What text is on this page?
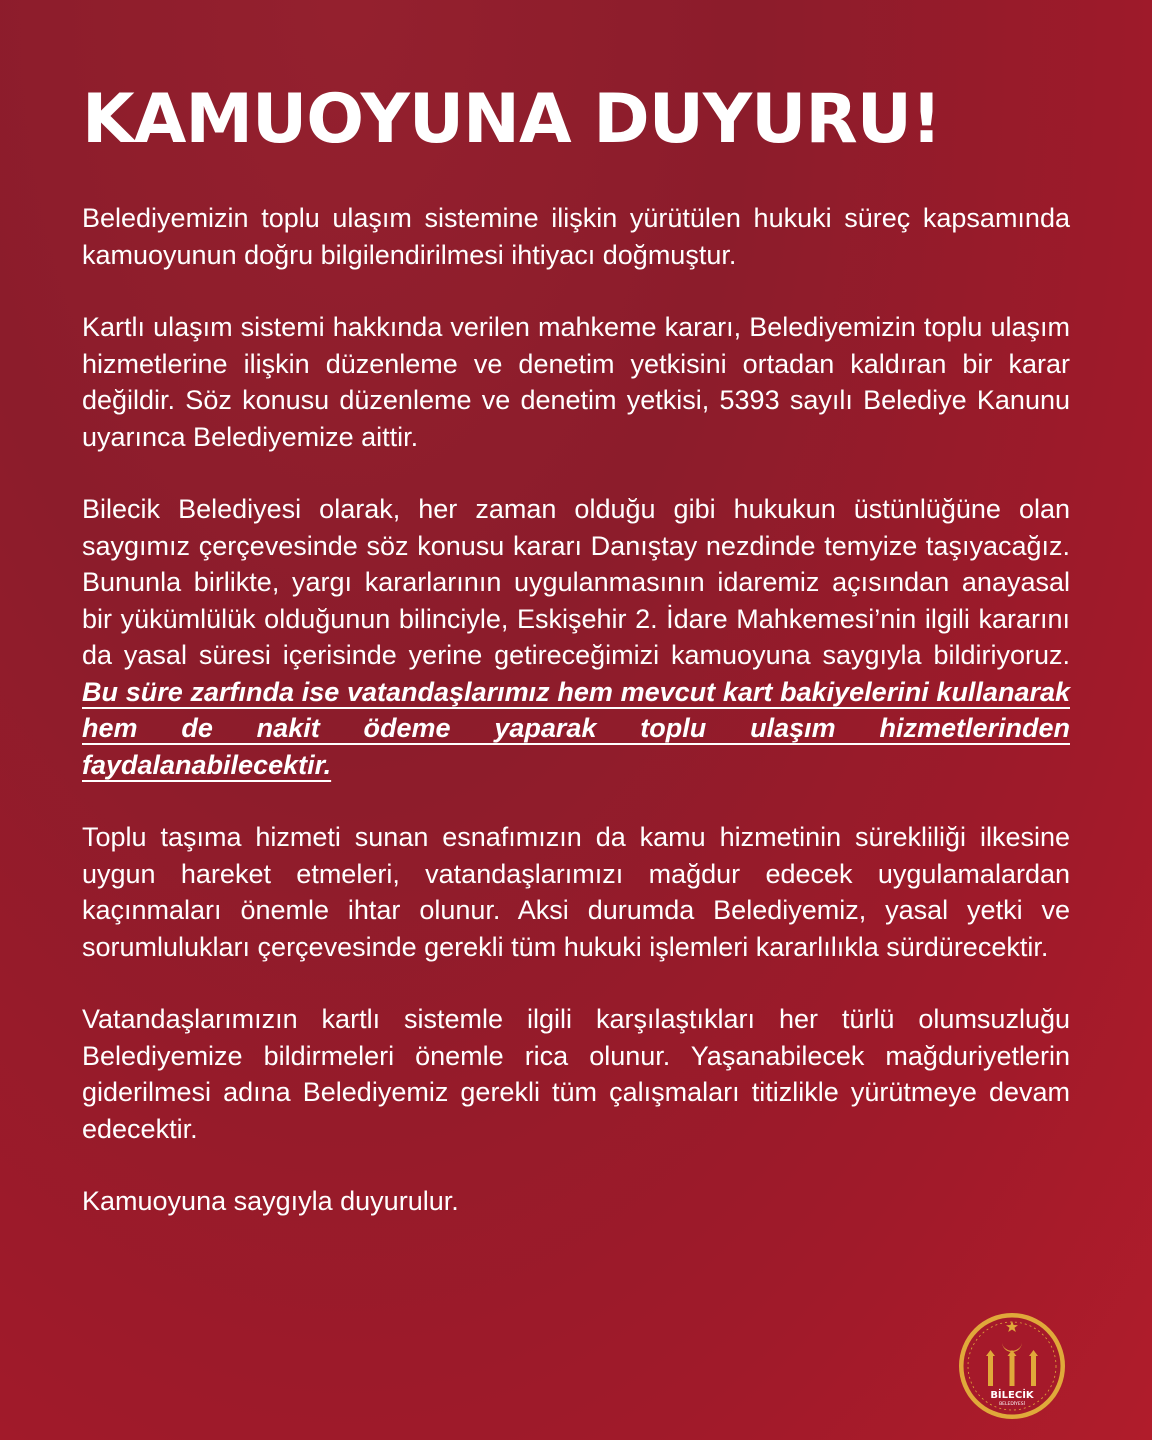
KAMUOYUNA DUYURU!

Belediyemizin toplu ulaşım sistemine ilişkin yürütülen hukuki süreç kapsamında kamuoyunun doğru bilgilendirilmesi ihtiyacı doğmuştur.

Kartlı ulaşım sistemi hakkında verilen mahkeme kararı, Belediyemizin toplu ulaşım hizmetlerine ilişkin düzenleme ve denetim yetkisini ortadan kaldıran bir karar değildir. Söz konusu düzenleme ve denetim yetkisi, 5393 sayılı Belediye Kanunu uyarınca Belediyemize aittir.

Bilecik Belediyesi olarak, her zaman olduğu gibi hukukun üstünlüğüne olan saygımız çerçevesinde söz konusu kararı Danıştay nezdinde temyize taşıyacağız. Bununla birlikte, yargı kararlarının uygulanmasının idaremiz açısından anayasal bir yükümlülük olduğunun bilinciyle, Eskişehir 2. İdare Mahkemesi’nin ilgili kararını da yasal süresi içerisinde yerine getireceğimizi kamuoyuna saygıyla bildiriyoruz. Bu süre zarfında ise vatandaşlarımız hem mevcut kart bakiyelerini kullanarak hem de nakit ödeme yaparak toplu ulaşım hizmetlerinden faydalanabilecektir.

Toplu taşıma hizmeti sunan esnafımızın da kamu hizmetinin sürekliliği ilkesine uygun hareket etmeleri, vatandaşlarımızı mağdur edecek uygulamalardan kaçınmaları önemle ihtar olunur. Aksi durumda Belediyemiz, yasal yetki ve sorumlulukları çerçevesinde gerekli tüm hukuki işlemleri kararlılıkla sürdürecektir.

Vatandaşlarımızın kartlı sistemle ilgili karşılaştıkları her türlü olumsuzluğu Belediyemize bildirmeleri önemle rica olunur. Yaşanabilecek mağduriyetlerin giderilmesi adına Belediyemiz gerekli tüm çalışmaları titizlikle yürütmeye devam edecektir.

Kamuoyuna saygıyla duyurulur.

BİLECİK
BELEDİYESİ
